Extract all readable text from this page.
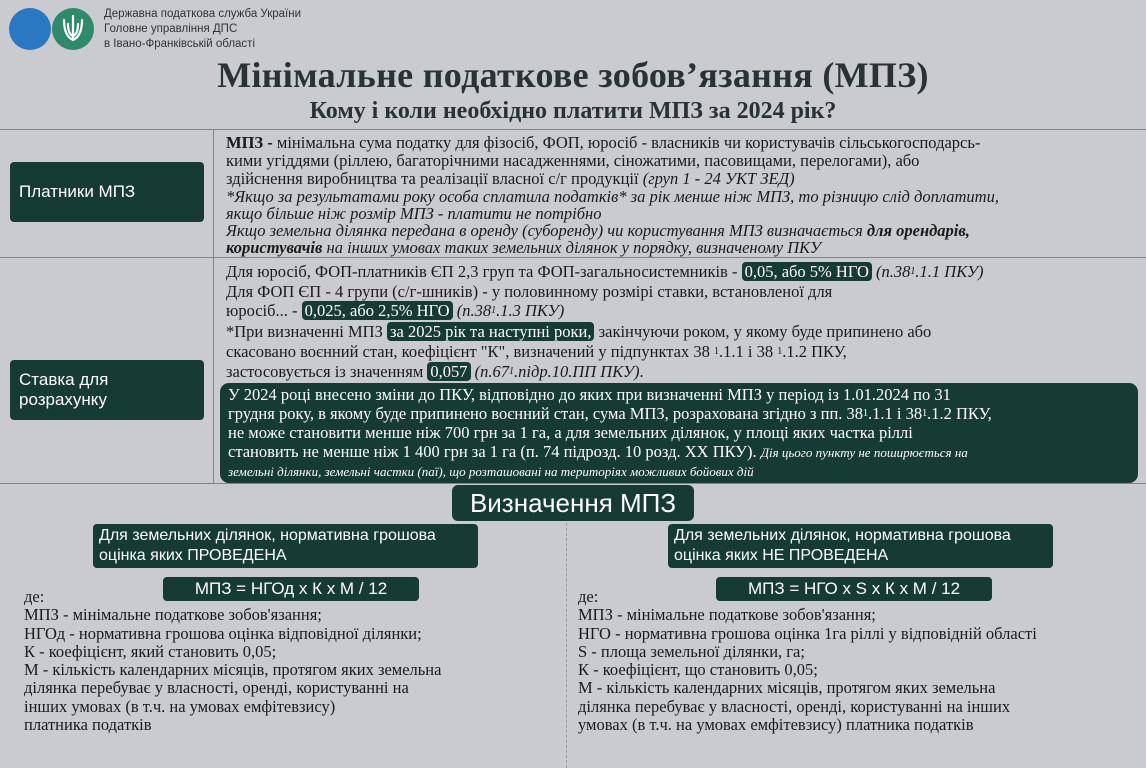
Державна податкова служба України
Головне управління ДПС
в Івано-Франківській області
Мінімальне податкове зобов’язання (МПЗ)
Кому і коли необхідно платити МПЗ за 2024 рік?
Платники МПЗ
МПЗ - мінімальна сума податку для фізосіб, ФОП, юросіб - власників чи користувачів сільськогосподарсь-
кими угіддями (ріллею, багаторічними насадженнями, сіножатими, пасовищами, перелогами), або
здійснення виробництва та реалізації власної с/г продукції (груп 1 - 24 УКТ ЗЕД)
*Якщо за результатами року особа сплатила податків* за рік менше ніж МПЗ, то різницю слід доплатити,
якщо більше ніж розмір МПЗ - платити не потрібно
Якщо земельна ділянка передана в оренду (суборенду) чи користування МПЗ визначається для орендарів,
користувачів на інших умовах таких земельних ділянок у порядку, визначеному ПКУ
Ставка для розрахунку
Для юросіб, ФОП-платників ЄП 2,3 груп та ФОП-загальносистемників - 0,05, або 5% НГО ($п.38^1.1.1$ ПКУ)
Для ФОП ЄП - 4 групи (с/г-шників) - у половинному розмірі ставки, встановленої для
юросіб... - 0,025, або 2,5% НГО ($п.38^1.1.3$ ПКУ)
*При визначенні МПЗ за 2025 рік та наступні роки, закінчуючи роком, у якому буде припинено або
скасовано воєнний стан, коефіцієнт "К", визначений у підпунктах 38 $^1$.1.1 і 38 $^1$.1.2 ПКУ,
застосовується із значенням 0,057 ($п.67^1.підр.10.ПП$ ПКУ).
У 2024 році внесено зміни до ПКУ, відповідно до яких при визначенні МПЗ у період із 1.01.2024 по 31
грудня року, в якому буде припинено воєнний стан, сума МПЗ, розрахована згідно з пп. $38^1.1.1$ і $38^1.1.2$ ПКУ,
не може становити менше ніж 700 грн за 1 га, а для земельних ділянок, у площі яких частка ріллі
становить не менше ніж 1 400 грн за 1 га (п. 74 підрозд. 10 розд. ХХ ПКУ). Дія цього пункту не поширюється на
земельні ділянки, земельні частки (паї), що розташовані на територіях можливих бойових дій
Визначення МПЗ
Для земельних ділянок, нормативна грошова
оцінка яких ПРОВЕДЕНА
МПЗ = НГОд х К х М / 12
де:
МПЗ - мінімальне податкове зобов'язання;
НГОд - нормативна грошова оцінка відповідної ділянки;
К - коефіцієнт, який становить 0,05;
М - кількість календарних місяців, протягом яких земельна
ділянка перебуває у власності, оренді, користуванні на
інших умовах (в т.ч. на умовах емфітевзису)
платника податків
Для земельних ділянок, нормативна грошова
оцінка яких НЕ ПРОВЕДЕНА
МПЗ = НГО х S х К х М / 12
де:
МПЗ - мінімальне податкове зобов'язання;
НГО - нормативна грошова оцінка 1га ріллі у відповідній області
S - площа земельної ділянки, га;
К - коефіцієнт, що становить 0,05;
М - кількість календарних місяців, протягом яких земельна
ділянка перебуває у власності, оренді, користуванні на інших
умовах (в т.ч. на умовах емфітевзису) платника податків
